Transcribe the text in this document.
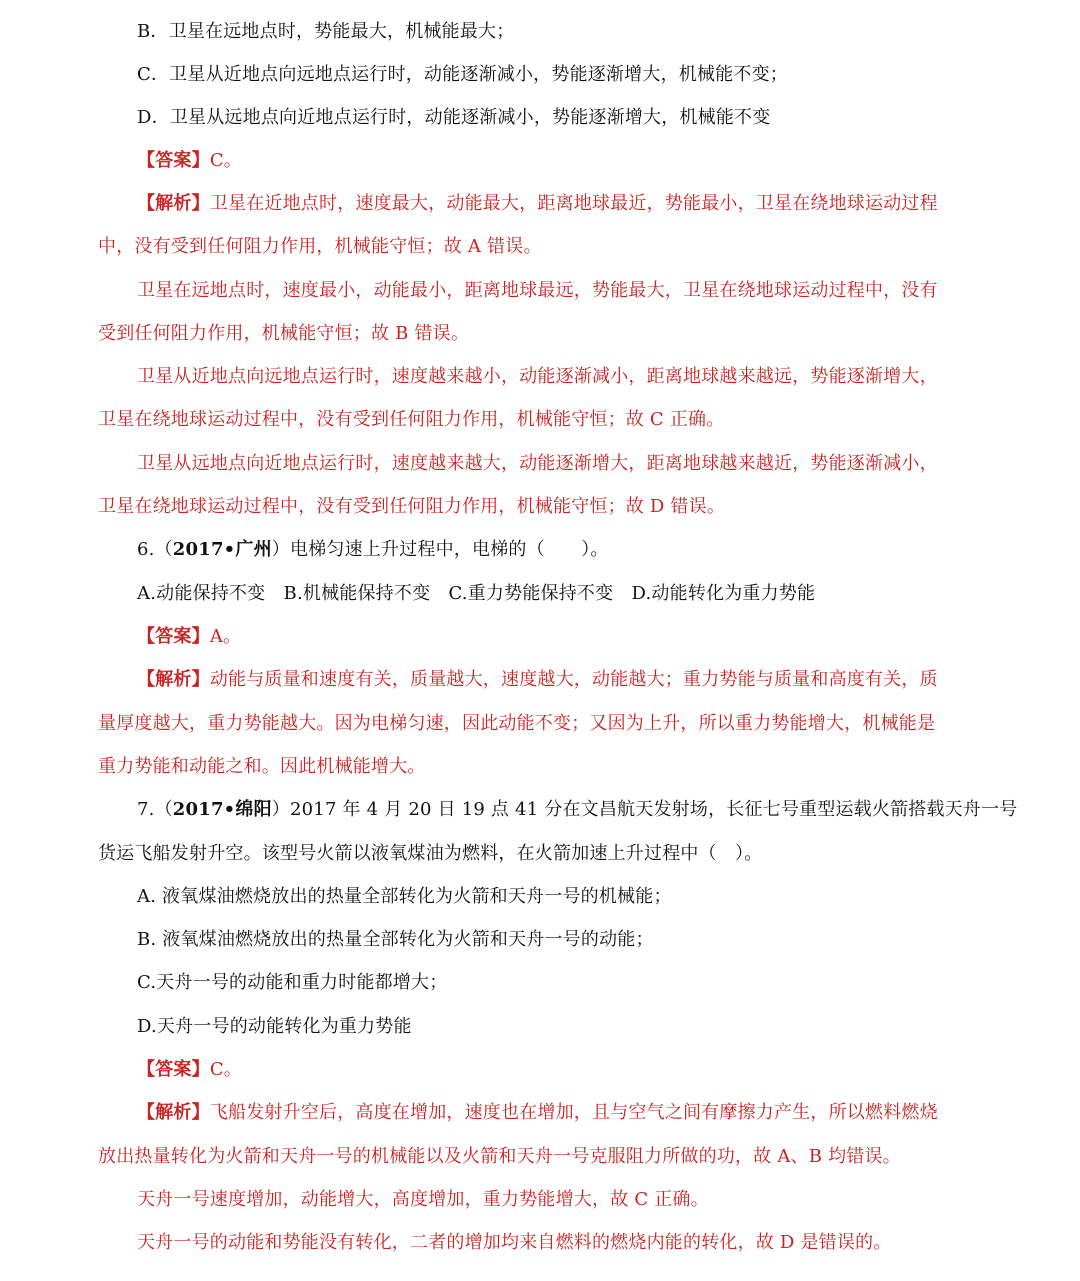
B．卫星在远地点时，势能最大，机械能最大；
C．卫星从近地点向远地点运行时，动能逐渐减小，势能逐渐增大，机械能不变；
D．卫星从远地点向近地点运行时，动能逐渐减小，势能逐渐增大，机械能不变
【答案】C。
【解析】卫星在近地点时，速度最大，动能最大，距离地球最近，势能最小，卫星在绕地球运动过程
中，没有受到任何阻力作用，机械能守恒；故 A 错误。
卫星在远地点时，速度最小，动能最小，距离地球最远，势能最大，卫星在绕地球运动过程中，没有
受到任何阻力作用，机械能守恒；故 B 错误。
卫星从近地点向远地点运行时，速度越来越小，动能逐渐减小，距离地球越来越远，势能逐渐增大，
卫星在绕地球运动过程中，没有受到任何阻力作用，机械能守恒；故 C 正确。
卫星从远地点向近地点运行时，速度越来越大，动能逐渐增大，距离地球越来越近，势能逐渐减小，
卫星在绕地球运动过程中，没有受到任何阻力作用，机械能守恒；故 D 错误。
6.（2017•广州）电梯匀速上升过程中，电梯的（　　）。
A.动能保持不变　B.机械能保持不变　C.重力势能保持不变　D.动能转化为重力势能
【答案】A。
【解析】动能与质量和速度有关，质量越大，速度越大，动能越大；重力势能与质量和高度有关，质
量厚度越大，重力势能越大。因为电梯匀速，因此动能不变；又因为上升，所以重力势能增大，机械能是
重力势能和动能之和。因此机械能增大。
7.（2017•绵阳）2017 年 4 月 20 日 19 点 41 分在文昌航天发射场，长征七号重型运载火箭搭载天舟一号
货运飞船发射升空。该型号火箭以液氧煤油为燃料，在火箭加速上升过程中（　）。
A. 液氧煤油燃烧放出的热量全部转化为火箭和天舟一号的机械能；
B. 液氧煤油燃烧放出的热量全部转化为火箭和天舟一号的动能；
C.天舟一号的动能和重力时能都增大；
D.天舟一号的动能转化为重力势能
【答案】C。
【解析】飞船发射升空后，高度在增加，速度也在增加，且与空气之间有摩擦力产生，所以燃料燃烧
放出热量转化为火箭和天舟一号的机械能以及火箭和天舟一号克服阻力所做的功，故 A、B 均错误。
天舟一号速度增加，动能增大，高度增加，重力势能增大，故 C 正确。
天舟一号的动能和势能没有转化，二者的增加均来自燃料的燃烧内能的转化，故 D 是错误的。
